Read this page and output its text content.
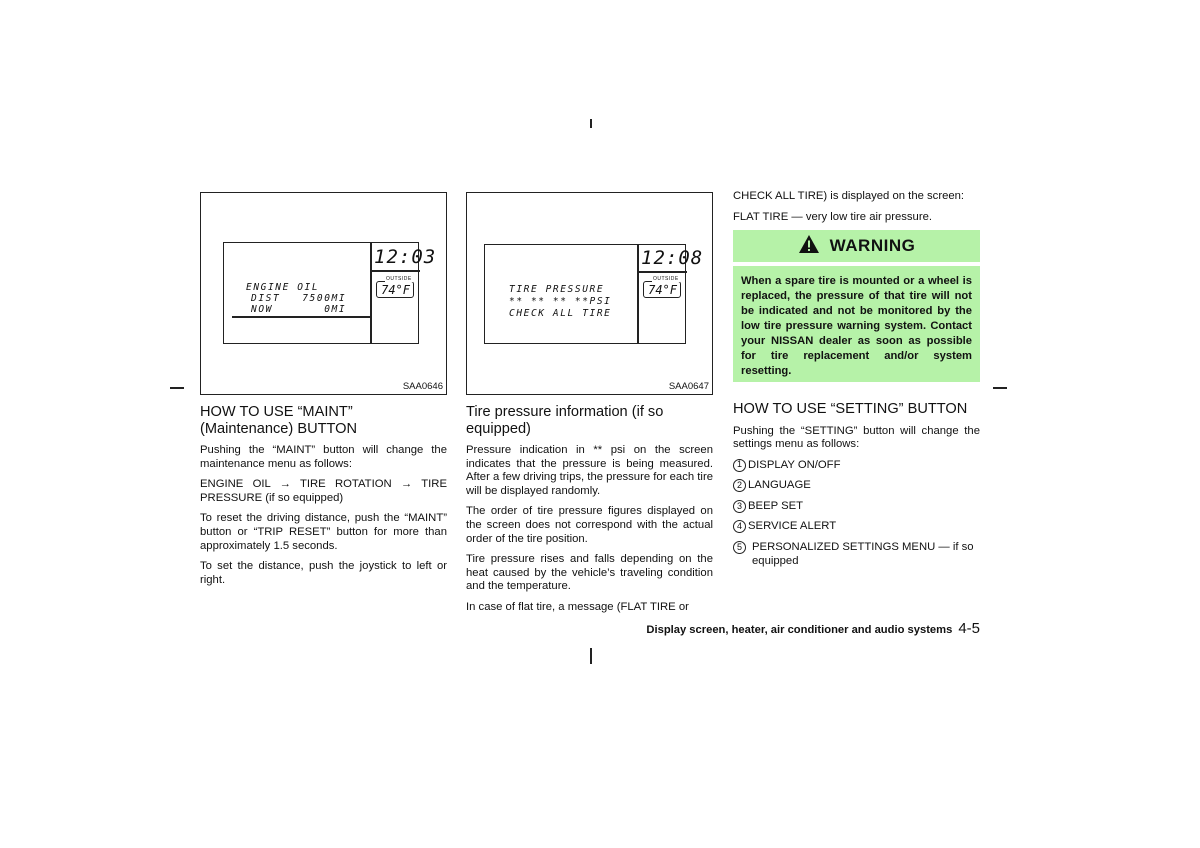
12:03
ENGINE OIL
DIST   7500MI
NOW       0MI
OUTSIDE
74°F
SAA0646
12:08
TIRE PRESSURE
** ** ** **PSI
CHECK ALL TIRE
OUTSIDE
74°F
SAA0647
HOW TO USE “MAINT” (Maintenance) BUTTON

Pushing the “MAINT” button will change the maintenance menu as follows:

ENGINE OIL → TIRE ROTATION → TIRE PRESSURE (if so equipped)

To reset the driving distance, push the “MAINT” button or “TRIP RESET” button for more than approximately 1.5 seconds.

To set the distance, push the joystick to left or right.

Tire pressure information (if so equipped)

Pressure indication in ** psi on the screen indicates that the pressure is being measured. After a few driving trips, the pressure for each tire will be displayed randomly.

The order of tire pressure figures displayed on the screen does not correspond with the actual order of the tire position.

Tire pressure rises and falls depending on the heat caused by the vehicle’s traveling condition and the temperature.

In case of flat tire, a message (FLAT TIRE or

CHECK ALL TIRE) is displayed on the screen:

FLAT TIRE — very low tire air pressure.

WARNING
When a spare tire is mounted or a wheel is replaced, the pressure of that tire will not be indicated and not be monitored by the low tire pressure warning system. Contact your NISSAN dealer as soon as possible for tire replacement and/or system resetting.
HOW TO USE “SETTING” BUTTON

Pushing the “SETTING” button will change the settings menu as follows:

1 DISPLAY ON/OFF
2 LANGUAGE
3 BEEP SET
4 SERVICE ALERT
5 PERSONALIZED SETTINGS MENU — if so equipped
Display screen, heater, air conditioner and audio systems 4-5
